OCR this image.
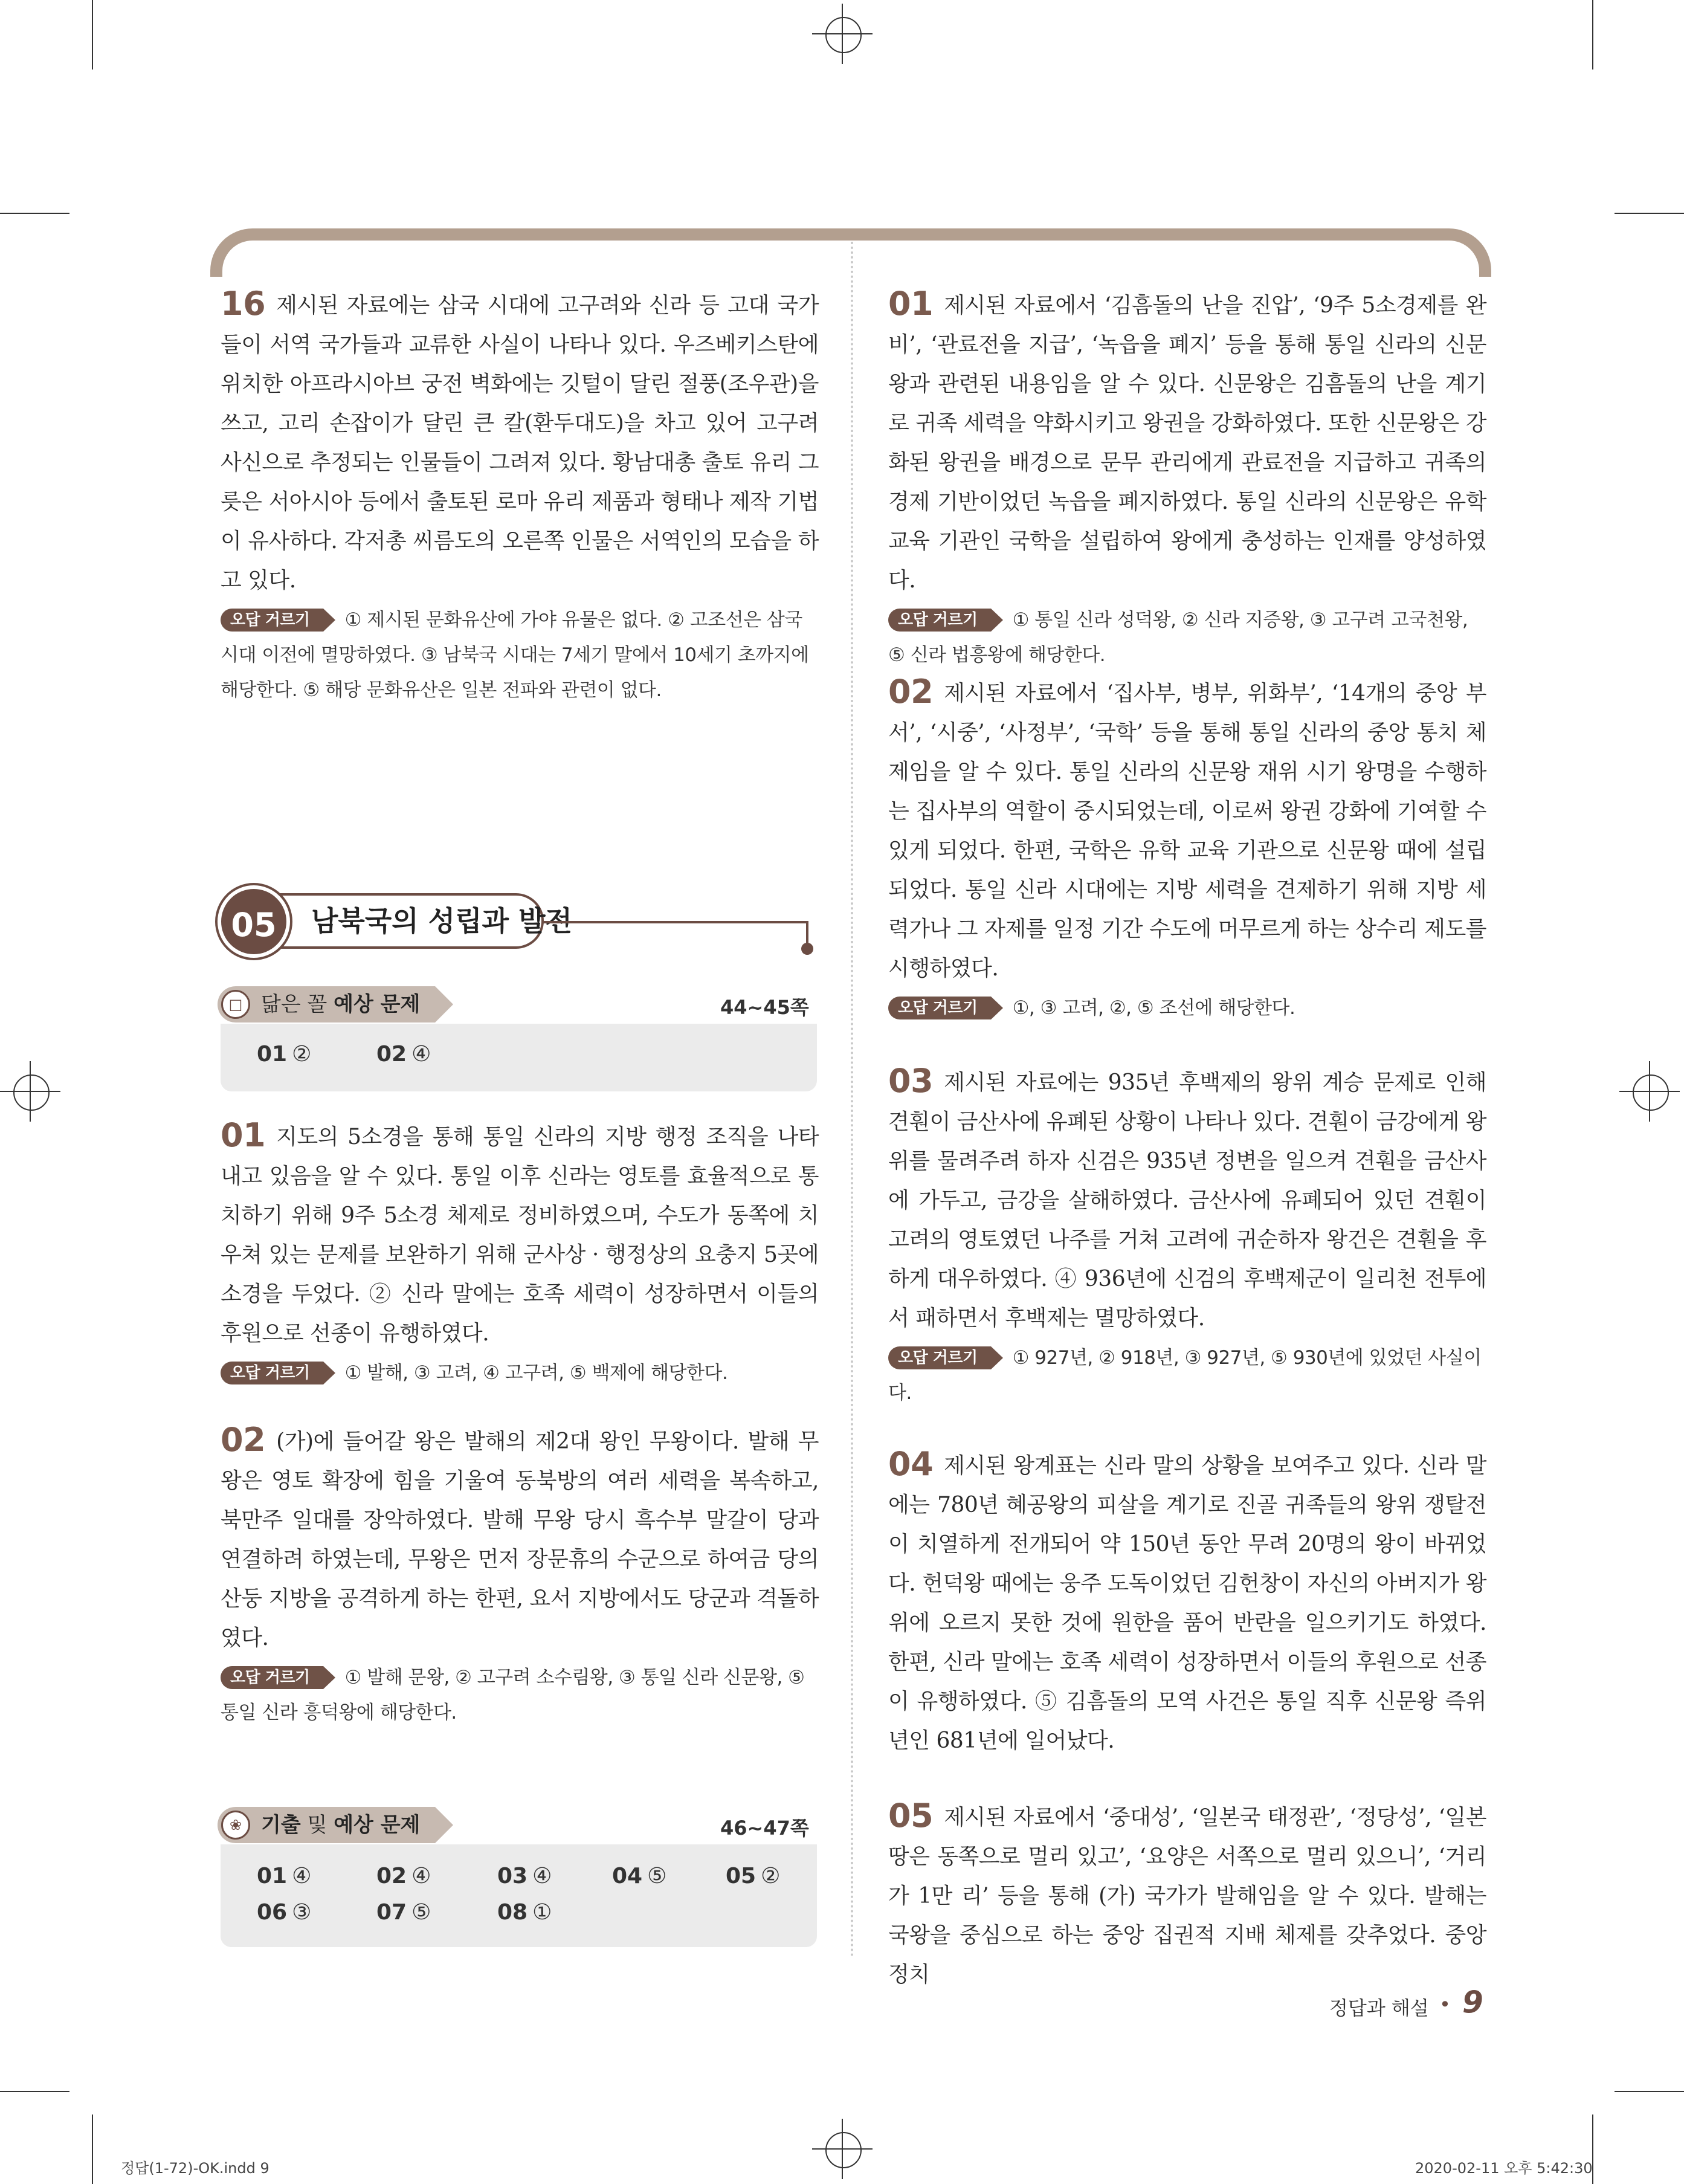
16 제시된 자료에는 삼국 시대에 고구려와 신라 등 고대 국가들이 서역 국가들과 교류한 사실이 나타나 있다. 우즈베키스탄에 위치한 아프라시아브 궁전 벽화에는 깃털이 달린 절풍(조우관)을 쓰고, 고리 손잡이가 달린 큰 칼(환두대도)을 차고 있어 고구려 사신으로 추정되는 인물들이 그려져 있다. 황남대총 출토 유리 그릇은 서아시아 등에서 출토된 로마 유리 제품과 형태나 제작 기법이 유사하다. 각저총 씨름도의 오른쪽 인물은 서역인의 모습을 하고 있다.

오답 거르기 ① 제시된 문화유산에 가야 유물은 없다. ② 고조선은 삼국 시대 이전에 멸망하였다. ③ 남북국 시대는 7세기 말에서 10세기 초까지에 해당한다. ⑤ 해당 문화유산은 일본 전파와 관련이 없다.

05	남북국의 성립과 발전
□ 닮은 꼴 예상 문제	44~45쪽
01 ②	02 ④

01 지도의 5소경을 통해 통일 신라의 지방 행정 조직을 나타내고 있음을 알 수 있다. 통일 이후 신라는 영토를 효율적으로 통치하기 위해 9주 5소경 체제로 정비하였으며, 수도가 동쪽에 치우쳐 있는 문제를 보완하기 위해 군사상 · 행정상의 요충지 5곳에 소경을 두었다. ② 신라 말에는 호족 세력이 성장하면서 이들의 후원으로 선종이 유행하였다.

오답 거르기 ① 발해, ③ 고려, ④ 고구려, ⑤ 백제에 해당한다.

02 (가)에 들어갈 왕은 발해의 제2대 왕인 무왕이다. 발해 무왕은 영토 확장에 힘을 기울여 동북방의 여러 세력을 복속하고, 북만주 일대를 장악하였다. 발해 무왕 당시 흑수부 말갈이 당과 연결하려 하였는데, 무왕은 먼저 장문휴의 수군으로 하여금 당의 산둥 지방을 공격하게 하는 한편, 요서 지방에서도 당군과 격돌하였다.

오답 거르기 ① 발해 문왕, ② 고구려 소수림왕, ③ 통일 신라 신문왕, ⑤ 통일 신라 흥덕왕에 해당한다.

❀ 기출 및 예상 문제	46~47쪽
01 ④	02 ④	03 ④	04 ⑤	05 ②
06 ③	07 ⑤	08 ①

01 제시된 자료에서 ‘김흠돌의 난을 진압’, ‘9주 5소경제를 완비’, ‘관료전을 지급’, ‘녹읍을 폐지’ 등을 통해 통일 신라의 신문왕과 관련된 내용임을 알 수 있다. 신문왕은 김흠돌의 난을 계기로 귀족 세력을 약화시키고 왕권을 강화하였다. 또한 신문왕은 강화된 왕권을 배경으로 문무 관리에게 관료전을 지급하고 귀족의 경제 기반이었던 녹읍을 폐지하였다. 통일 신라의 신문왕은 유학 교육 기관인 국학을 설립하여 왕에게 충성하는 인재를 양성하였다.

오답 거르기 ① 통일 신라 성덕왕, ② 신라 지증왕, ③ 고구려 고국천왕, ⑤ 신라 법흥왕에 해당한다.

02 제시된 자료에서 ‘집사부, 병부, 위화부’, ‘14개의 중앙 부서’, ‘시중’, ‘사정부’, ‘국학’ 등을 통해 통일 신라의 중앙 통치 체제임을 알 수 있다. 통일 신라의 신문왕 재위 시기 왕명을 수행하는 집사부의 역할이 중시되었는데, 이로써 왕권 강화에 기여할 수 있게 되었다. 한편, 국학은 유학 교육 기관으로 신문왕 때에 설립되었다. 통일 신라 시대에는 지방 세력을 견제하기 위해 지방 세력가나 그 자제를 일정 기간 수도에 머무르게 하는 상수리 제도를 시행하였다.

오답 거르기 ①, ③ 고려, ②, ⑤ 조선에 해당한다.

03 제시된 자료에는 935년 후백제의 왕위 계승 문제로 인해 견훤이 금산사에 유폐된 상황이 나타나 있다. 견훤이 금강에게 왕위를 물려주려 하자 신검은 935년 정변을 일으켜 견훤을 금산사에 가두고, 금강을 살해하였다. 금산사에 유폐되어 있던 견훤이 고려의 영토였던 나주를 거쳐 고려에 귀순하자 왕건은 견훤을 후하게 대우하였다. ④ 936년에 신검의 후백제군이 일리천 전투에서 패하면서 후백제는 멸망하였다.

오답 거르기 ① 927년, ② 918년, ③ 927년, ⑤ 930년에 있었던 사실이다.

04 제시된 왕계표는 신라 말의 상황을 보여주고 있다. 신라 말에는 780년 혜공왕의 피살을 계기로 진골 귀족들의 왕위 쟁탈전이 치열하게 전개되어 약 150년 동안 무려 20명의 왕이 바뀌었다. 헌덕왕 때에는 웅주 도독이었던 김헌창이 자신의 아버지가 왕위에 오르지 못한 것에 원한을 품어 반란을 일으키기도 하였다. 한편, 신라 말에는 호족 세력이 성장하면서 이들의 후원으로 선종이 유행하였다. ⑤ 김흠돌의 모역 사건은 통일 직후 신문왕 즉위년인 681년에 일어났다.

05 제시된 자료에서 ‘중대성’, ‘일본국 태정관’, ‘정당성’, ‘일본 땅은 동쪽으로 멀리 있고’, ‘요양은 서쪽으로 멀리 있으니’, ‘거리가 1만 리’ 등을 통해 (가) 국가가 발해임을 알 수 있다. 발해는 국왕을 중심으로 하는 중앙 집권적 지배 체제를 갖추었다. 중앙 정치

정답과 해설 • 9
정답(1-72)-OK.indd 9	2020-02-11 오후 5:42:30
